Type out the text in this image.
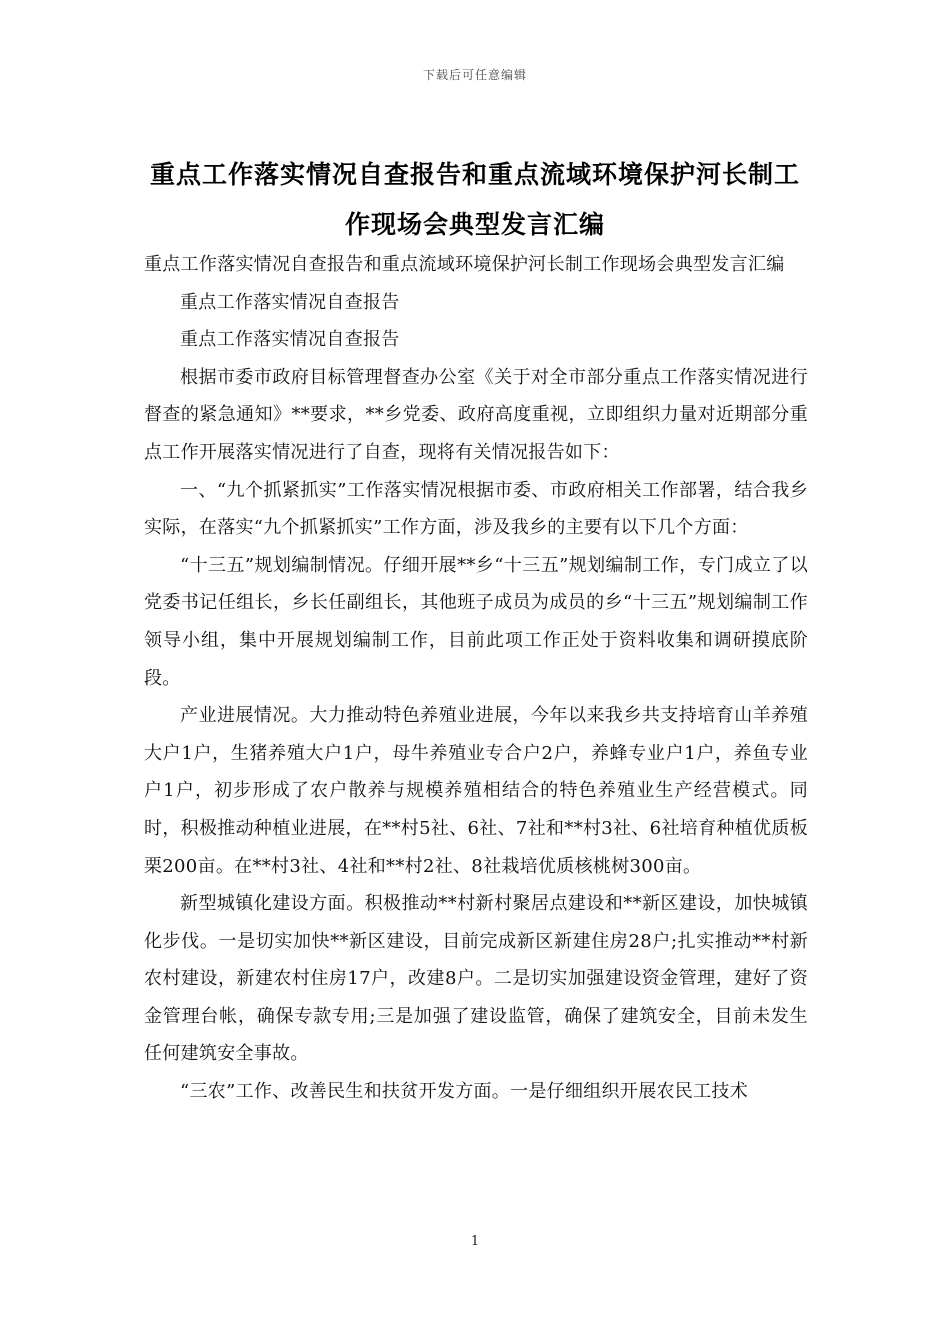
下载后可任意编辑
重点工作落实情况自查报告和重点流域环境保护河长制工作现场会典型发言汇编

重点工作落实情况自查报告和重点流域环境保护河长制工作现场会典型发言汇编

重点工作落实情况自查报告

重点工作落实情况自查报告

根据市委市政府目标管理督查办公室《关于对全市部分重点工作落实情况进行督查的紧急通知》**要求，**乡党委、政府高度重视，立即组织力量对近期部分重点工作开展落实情况进行了自查，现将有关情况报告如下：

一、“九个抓紧抓实”工作落实情况根据市委、市政府相关工作部署，结合我乡实际，在落实“九个抓紧抓实”工作方面，涉及我乡的主要有以下几个方面：

“十三五”规划编制情况。仔细开展**乡“十三五”规划编制工作，专门成立了以党委书记任组长，乡长任副组长，其他班子成员为成员的乡“十三五”规划编制工作领导小组，集中开展规划编制工作，目前此项工作正处于资料收集和调研摸底阶段。

产业进展情况。大力推动特色养殖业进展，今年以来我乡共支持培育山羊养殖大户1户，生猪养殖大户1户，母牛养殖业专合户2户，养蜂专业户1户，养鱼专业户1户，初步形成了农户散养与规模养殖相结合的特色养殖业生产经营模式。同时，积极推动种植业进展，在**村5社、6社、7社和**村3社、6社培育种植优质板栗200亩。在**村3社、4社和**村2社、8社栽培优质核桃树300亩。

新型城镇化建设方面。积极推动**村新村聚居点建设和**新区建设，加快城镇化步伐。一是切实加快**新区建设，目前完成新区新建住房28户;扎实推动**村新农村建设，新建农村住房17户，改建8户。二是切实加强建设资金管理，建好了资金管理台帐，确保专款专用;三是加强了建设监管，确保了建筑安全，目前未发生任何建筑安全事故。

“三农”工作、改善民生和扶贫开发方面。一是仔细组织开展农民工技术

1
